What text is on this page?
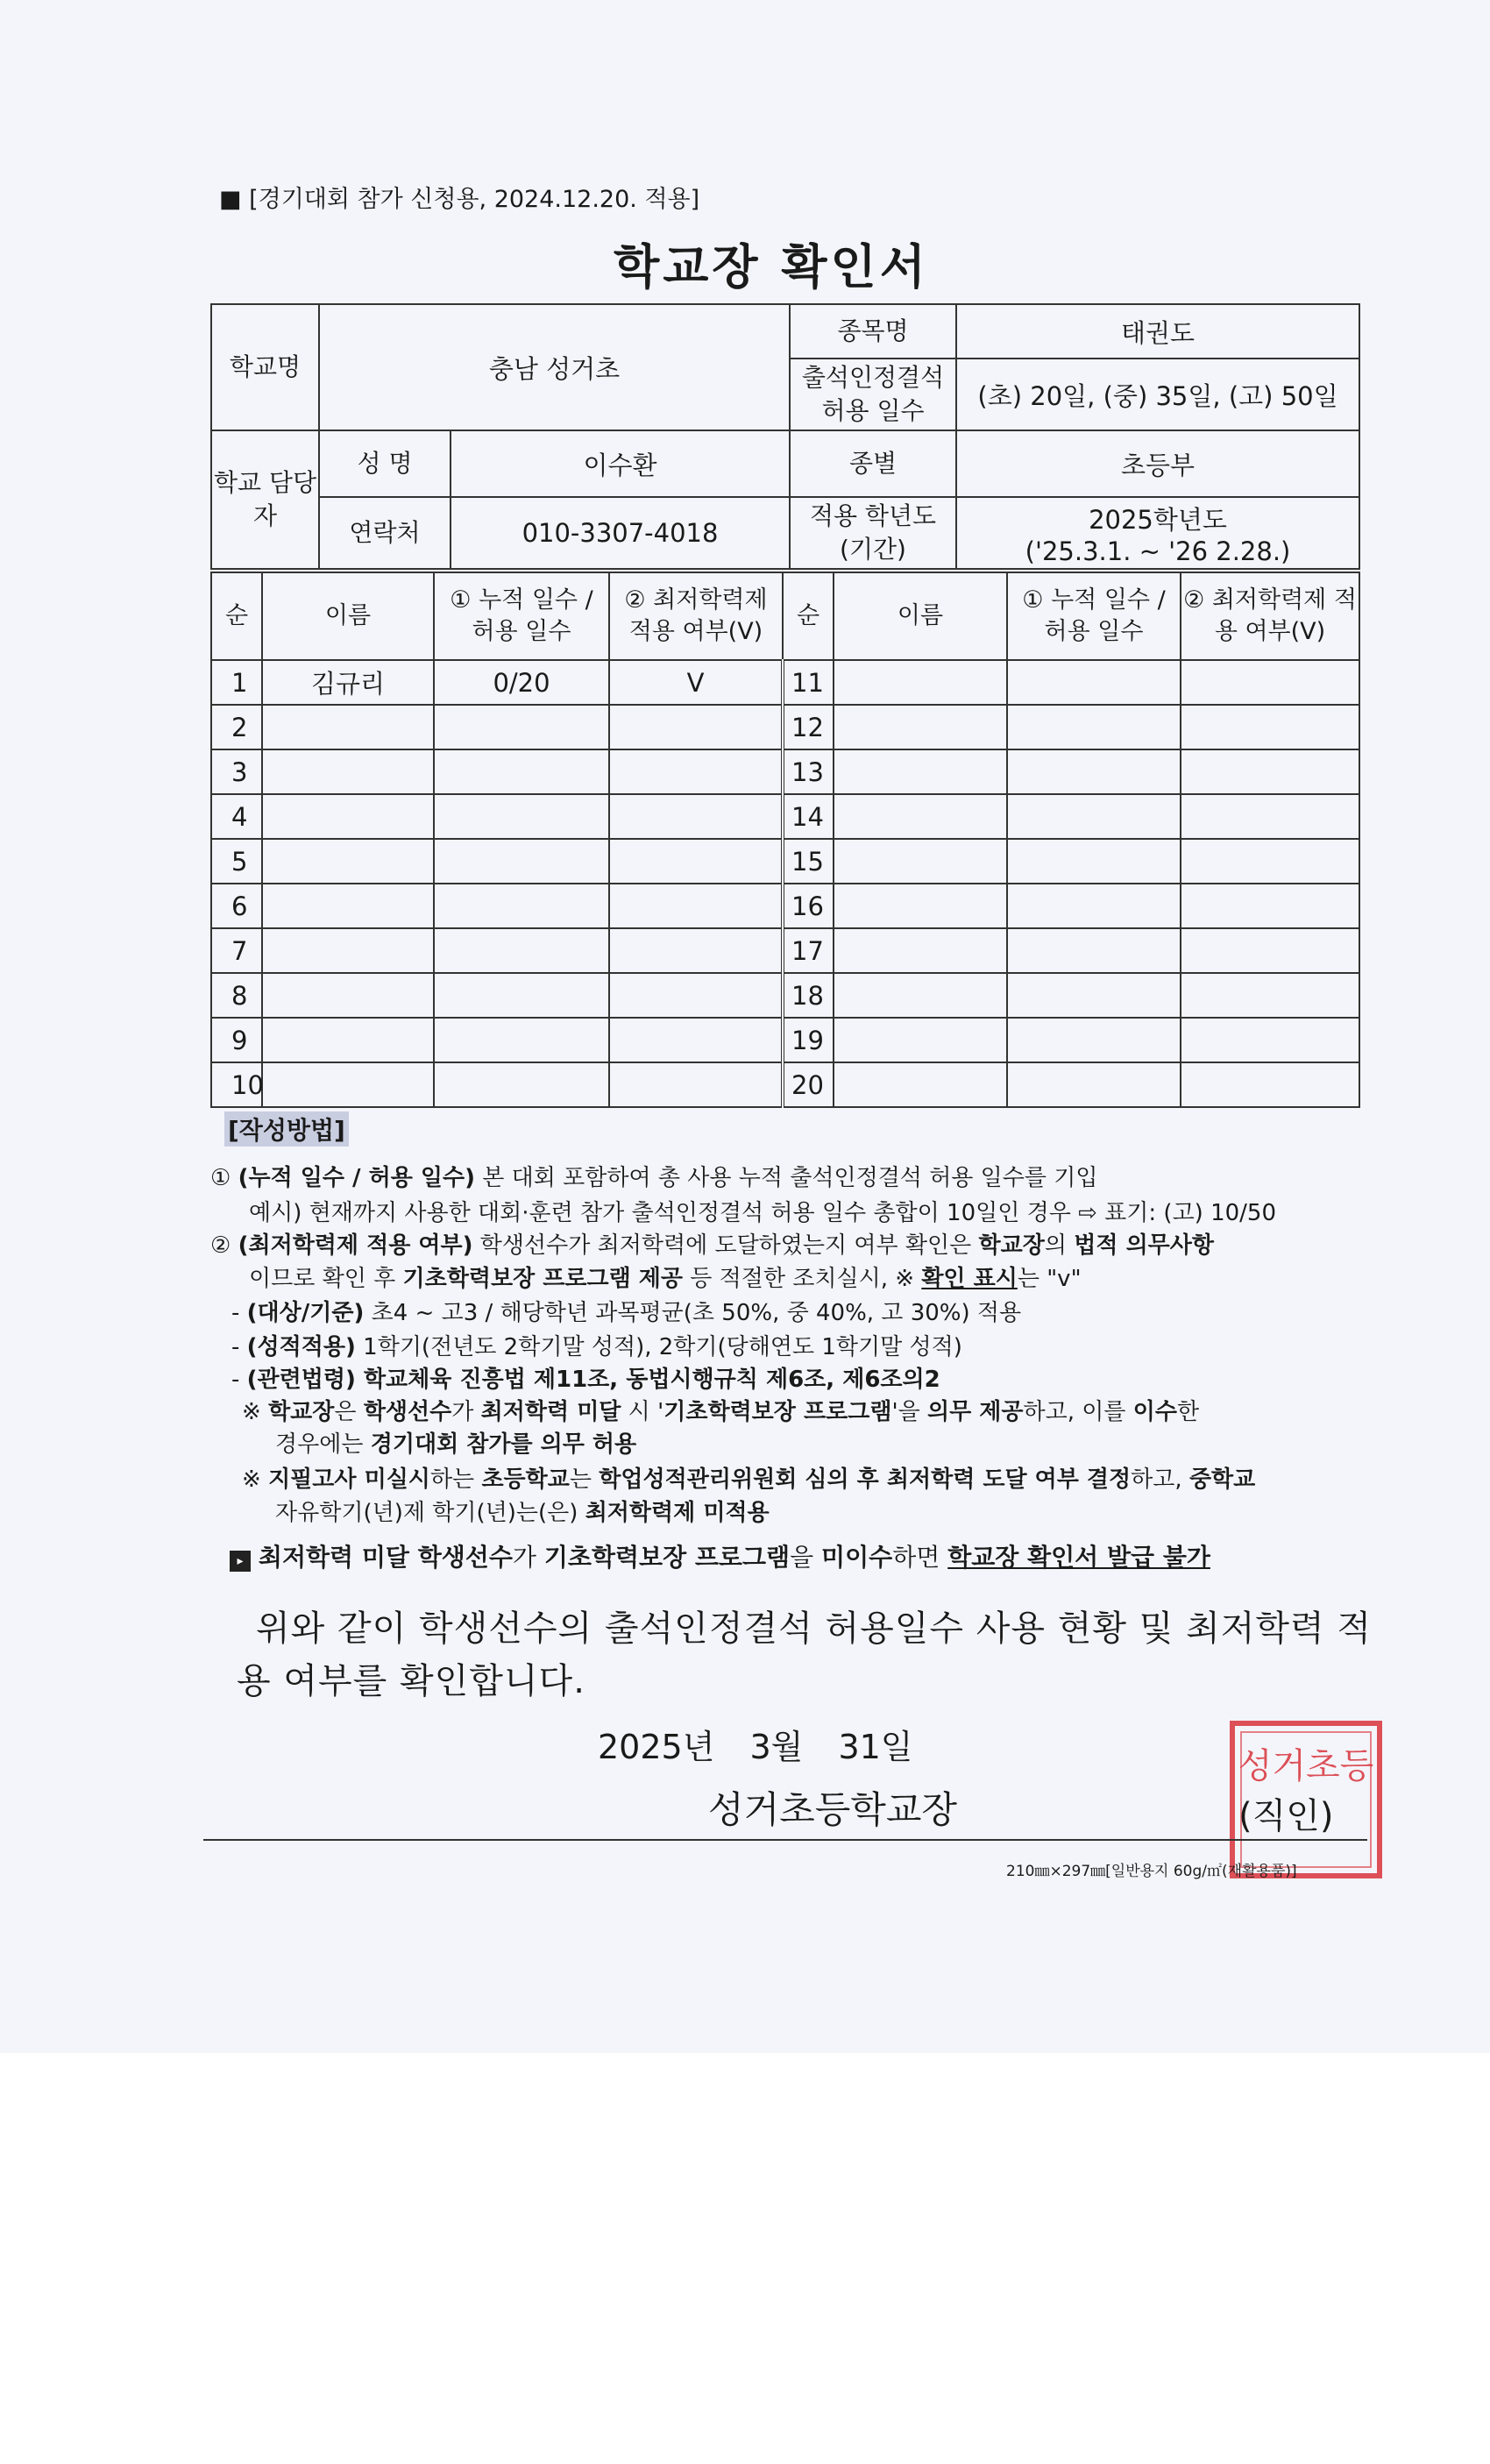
■ [경기대회 참가 신청용, 2024.12.20. 적용]
학교장 확인서
학교명	충남 성거초		종목명	태권도
			출석인정결석 허용 일수	(초) 20일, (중) 35일, (고) 50일
학교 담당자	성 명	이수환	종별	초등부
	연락처	010-3307-4018	적용 학년도 (기간)	2025학년도
('25.3.1. ~ '26 2.28.)
순	이름	① 누적 일수 / 허용 일수	② 최저학력제 적용 여부(V)	순	이름	① 누적 일수 / 허용 일수	② 최저학력제 적용 여부(V)
1	김규리	0/20	V	11			
2				12			
3				13			
4				14			
5				15			
6				16			
7				17			
8				18			
9				19			
10				20			
[작성방법]
① (누적 일수 / 허용 일수) 본 대회 포함하여 총 사용 누적 출석인정결석 허용 일수를 기입
예시) 현재까지 사용한 대회·훈련 참가 출석인정결석 허용 일수 총합이 10일인 경우 ⇨ 표기: (고) 10/50
② (최저학력제 적용 여부) 학생선수가 최저학력에 도달하였는지 여부 확인은 학교장의 법적 의무사항
이므로 확인 후 기초학력보장 프로그램 제공 등 적절한 조치실시, ※ 확인 표시는 "v"
- (대상/기준) 초4 ~ 고3 / 해당학년 과목평균(초 50%, 중 40%, 고 30%) 적용
- (성적적용) 1학기(전년도 2학기말 성적), 2학기(당해연도 1학기말 성적)
- (관련법령) 학교체육 진흥법 제11조, 동법시행규칙 제6조, 제6조의2
※ 학교장은 학생선수가 최저학력 미달 시 '기초학력보장 프로그램'을 의무 제공하고, 이를 이수한
경우에는 경기대회 참가를 의무 허용
※ 지필고사 미실시하는 초등학교는 학업성적관리위원회 심의 후 최저학력 도달 여부 결정하고, 중학교
자유학기(년)제 학기(년)는(은) 최저학력제 미적용
▸ 최저학력 미달 학생선수가 기초학력보장 프로그램을 미이수하면 학교장 확인서 발급 불가
위와 같이 학생선수의 출석인정결석 허용일수 사용 현황 및 최저학력 적용 여부를 확인합니다.
2025년 3월 31일
성거초등학교장
성거초등
(직인)
210㎜×297㎜[일반용지 60g/㎡(재활용품)]
